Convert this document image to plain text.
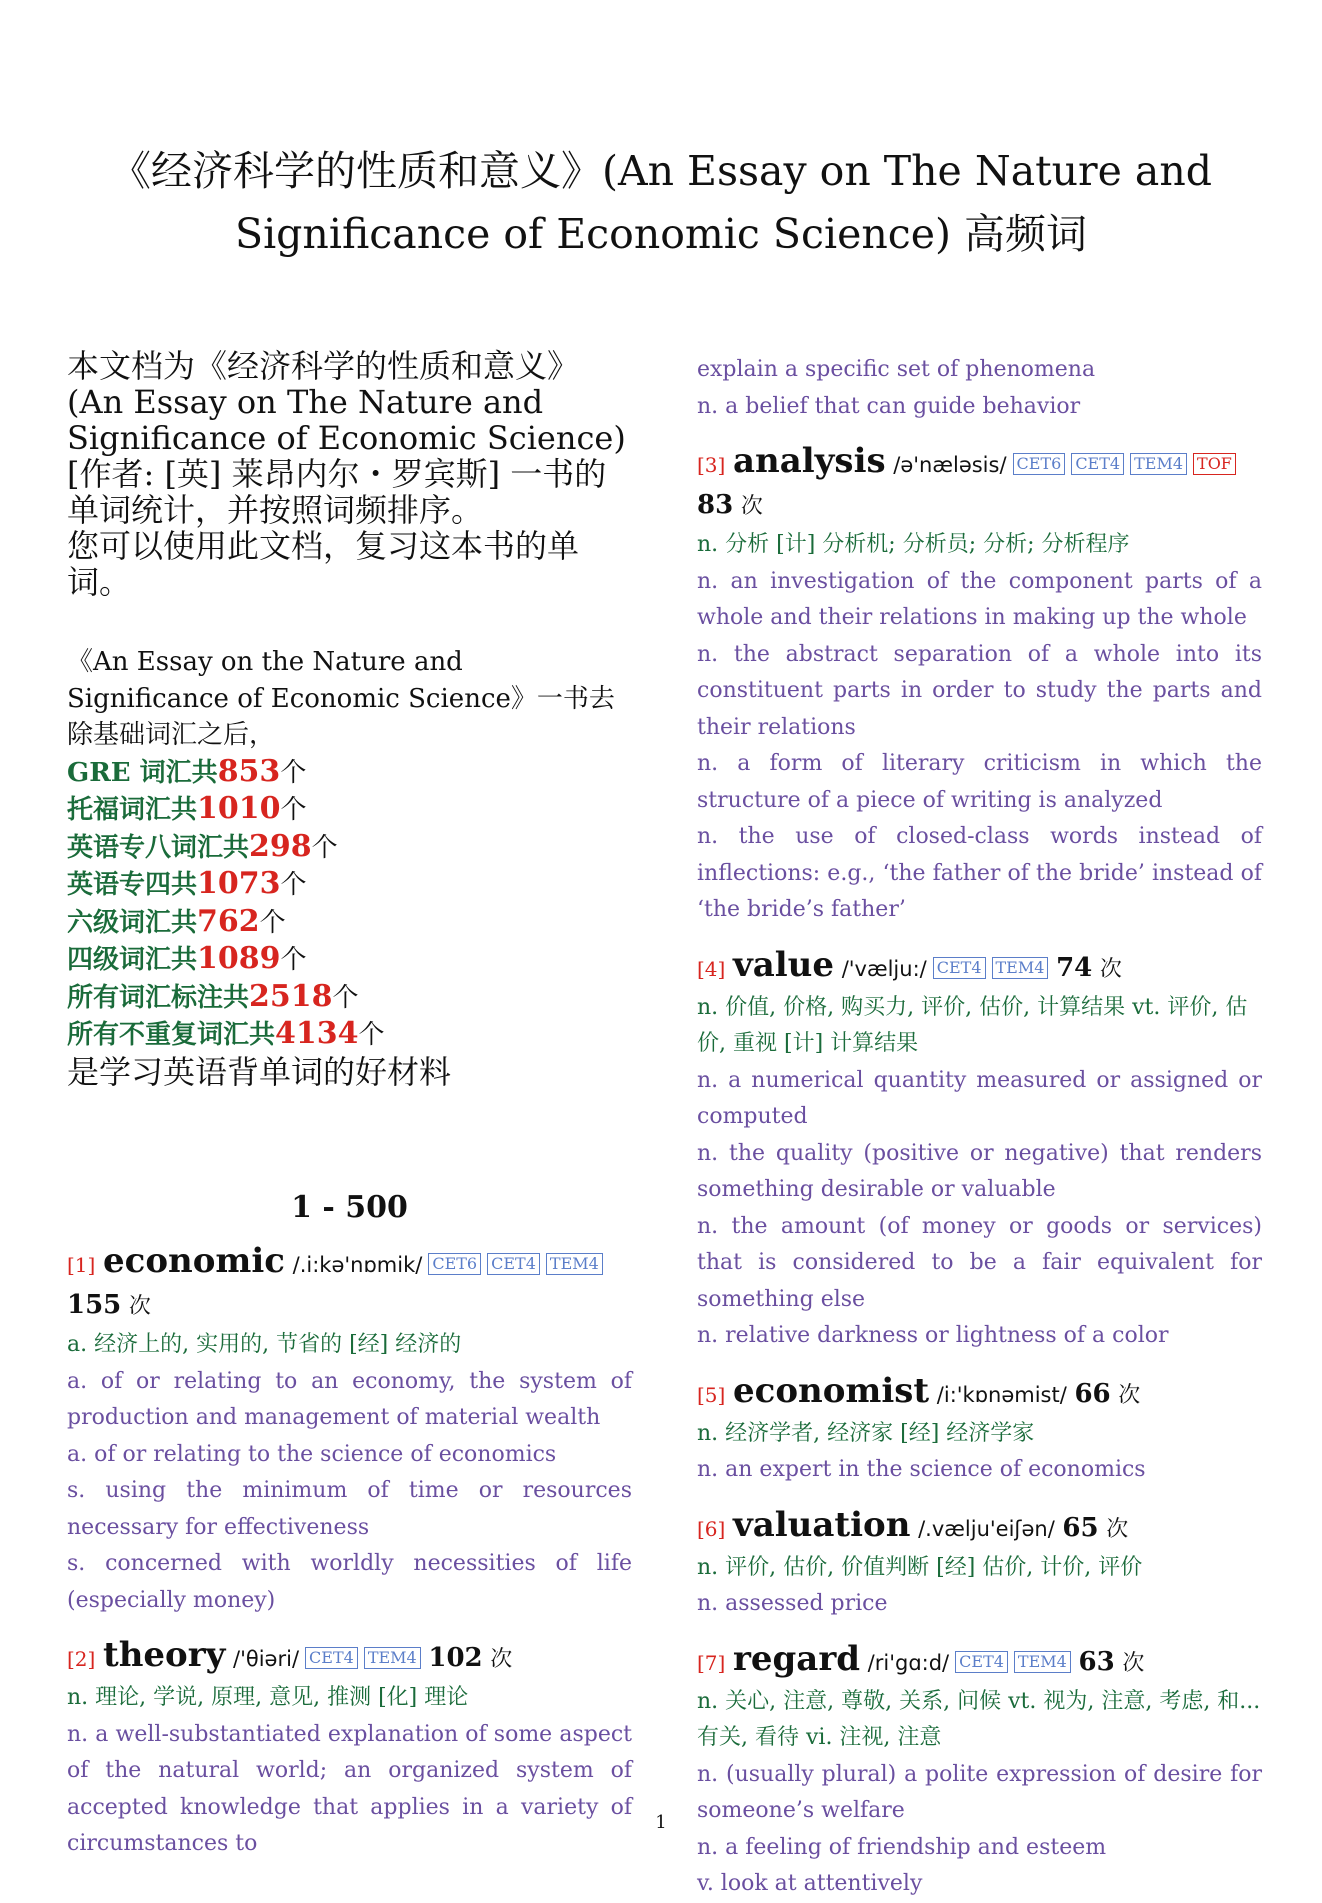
《经济科学的性质和意义》(An Essay on The Nature and
Significance of Economic Science) 高频词
本文档为《经济科学的性质和意义》(An Essay on The Nature and Significance of Economic Science)[作者: [英] 莱昂内尔・罗宾斯] 一书的单词统计，并按照词频排序。
您可以使用此文档，复习这本书的单词。
《An Essay on the Nature and Significance of Economic Science》一书去除基础词汇之后，
GRE 词汇共853个
托福词汇共1010个
英语专八词汇共298个
英语专四共1073个
六级词汇共762个
四级词汇共1089个
所有词汇标注共2518个
所有不重复词汇共4134个
是学习英语背单词的好材料
1 - 500
[1] economic /.i:kə'nɒmik/ CET6 CET4 TEM4 155 次
a. 经济上的, 实用的, 节省的 [经] 经济的
a. of or relating to an economy, the system of production and management of material wealth
a. of or relating to the science of economics
s. using the minimum of time or resources necessary for effectiveness
s. concerned with worldly necessities of life (especially money)
[2] theory /'θiəri/ CET4 TEM4 102 次
n. 理论, 学说, 原理, 意见, 推测 [化] 理论
n. a well-substantiated explanation of some aspect of the natural world; an organized system of accepted knowledge that applies in a variety of circumstances to
explain a specific set of phenomena
n. a belief that can guide behavior
[3] analysis /ə'næləsis/ CET6 CET4 TEM4 TOF 83 次
n. 分析 [计] 分析机; 分析员; 分析; 分析程序
n. an investigation of the component parts of a whole and their relations in making up the whole
n. the abstract separation of a whole into its constituent parts in order to study the parts and their relations
n. a form of literary criticism in which the structure of a piece of writing is analyzed
n. the use of closed-class words instead of inflections: e.g., ‘the father of the bride’ instead of ‘the bride’s father’
[4] value /'vælju:/ CET4 TEM4 74 次
n. 价值, 价格, 购买力, 评价, 估价, 计算结果 vt. 评价, 估价, 重视 [计] 计算结果
n. a numerical quantity measured or assigned or computed
n. the quality (positive or negative) that renders something desirable or valuable
n. the amount (of money or goods or services) that is considered to be a fair equivalent for something else
n. relative darkness or lightness of a color
[5] economist /i:'kɒnəmist/ 66 次
n. 经济学者, 经济家 [经] 经济学家
n. an expert in the science of economics
[6] valuation /.vælju'eiʃən/ 65 次
n. 评价, 估价, 价值判断 [经] 估价, 计价, 评价
n. assessed price
[7] regard /ri'gɑ:d/ CET4 TEM4 63 次
n. 关心, 注意, 尊敬, 关系, 问候 vt. 视为, 注意, 考虑, 和...有关, 看待 vi. 注视, 注意
n. (usually plural) a polite expression of desire for someone’s welfare
n. a feeling of friendship and esteem
v. look at attentively
1
